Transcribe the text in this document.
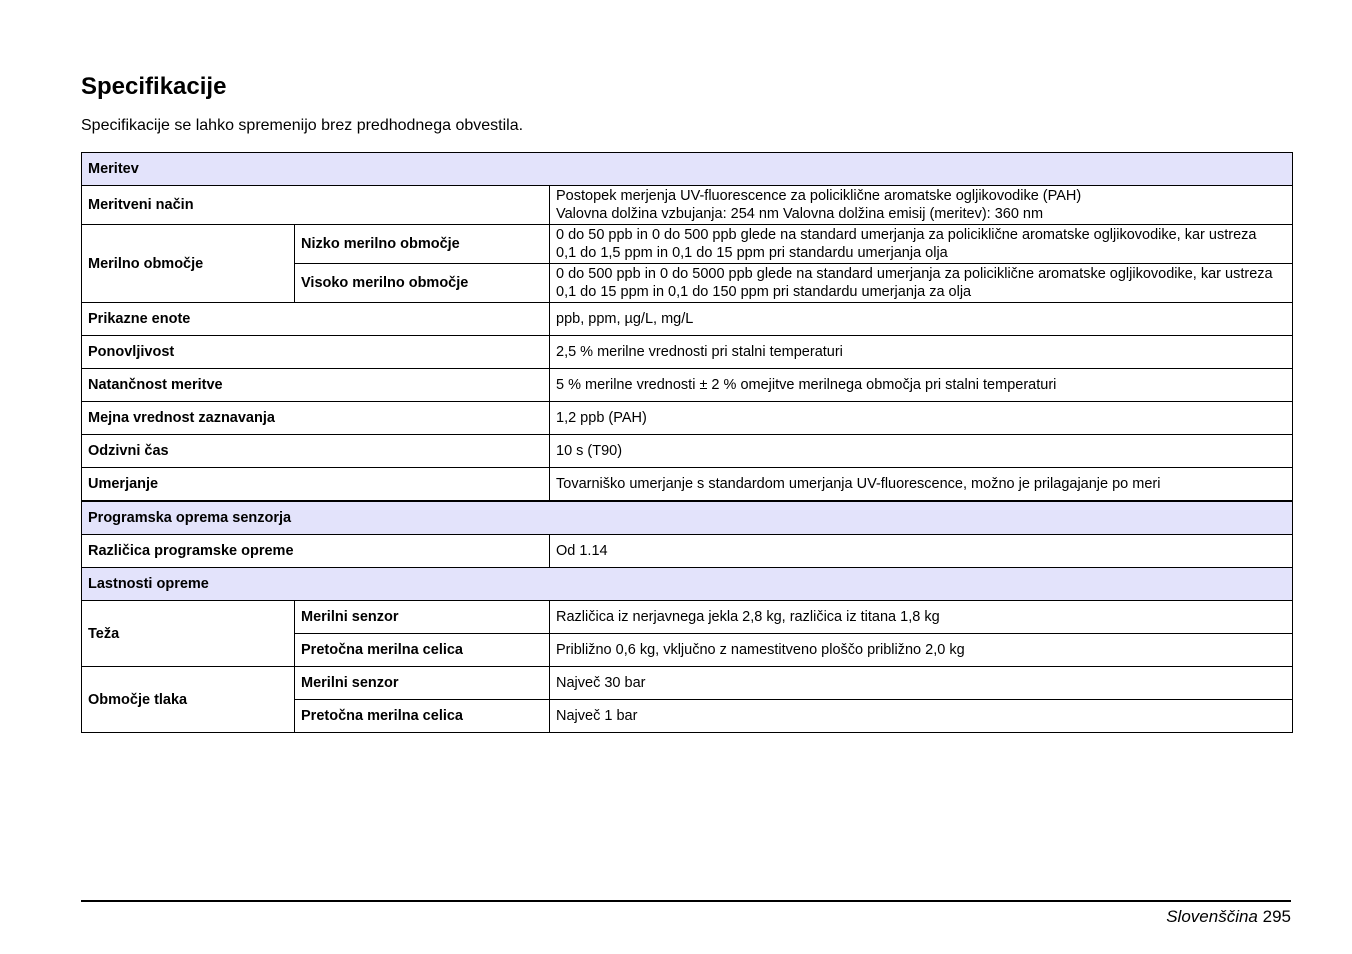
Specifikacije

Specifikacije se lahko spremenijo brez predhodnega obvestila.

Meritev		
Meritveni način		Postopek merjenja UV-fluorescence za policiklične aromatske ogljikovodike (PAH)
Valovna dolžina vzbujanja: 254 nm Valovna dolžina emisij (meritev): 360 nm

Merilno območje	Nizko merilno območje	0 do 50 ppb in 0 do 500 ppb glede na standard umerjanja za policiklične aromatske ogljikovodike, kar ustreza
0,1 do 1,5 ppm in 0,1 do 15 ppm pri standardu umerjanja olja

	Visoko merilno območje	0 do 500 ppb in 0 do 5000 ppb glede na standard umerjanja za policiklične aromatske ogljikovodike, kar ustreza
0,1 do 15 ppm in 0,1 do 150 ppm pri standardu umerjanja za olja

Prikazne enote		ppb, ppm, µg/L, mg/L
Ponovljivost		2,5 % merilne vrednosti pri stalni temperaturi
Natančnost meritve		5 % merilne vrednosti ± 2 % omejitve merilnega območja pri stalni temperaturi
Mejna vrednost zaznavanja		1,2 ppb (PAH)
Odzivni čas		10 s (T90)
Umerjanje		Tovarniško umerjanje s standardom umerjanja UV-fluorescence, možno je prilagajanje po meri
Programska oprema senzorja		
Različica programske opreme		Od 1.14
Lastnosti opreme		
Teža	Merilni senzor	Različica iz nerjavnega jekla 2,8 kg, različica iz titana 1,8 kg
	Pretočna merilna celica	Približno 0,6 kg, vključno z namestitveno ploščo približno 2,0 kg
Območje tlaka	Merilni senzor	Največ 30 bar
	Pretočna merilna celica	Največ 1 bar
Slovenščina 295
